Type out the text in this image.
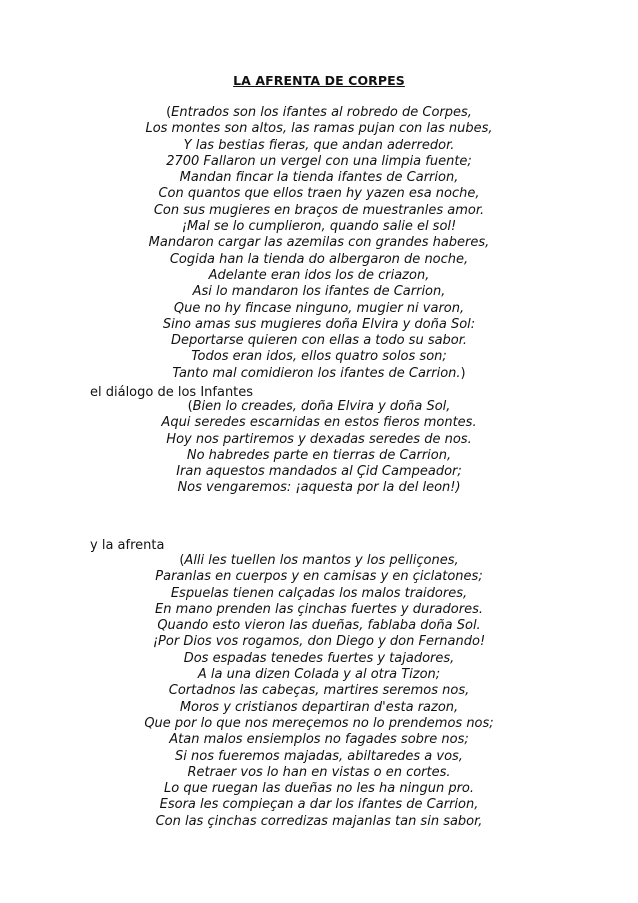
LA AFRENTA DE CORPES
(Entrados son los ifantes al robredo de Corpes,
Los montes son altos, las ramas pujan con las nubes,
Y las bestias fieras, que andan aderredor.
2700 Fallaron un vergel con una limpia fuente;
Mandan fincar la tienda ifantes de Carrion,
Con quantos que ellos traen hy yazen esa noche,
Con sus mugieres en braços de muestranles amor.
¡Mal se lo cumplieron, quando salie el sol!
Mandaron cargar las azemilas con grandes haberes,
Cogida han la tienda do albergaron de noche,
Adelante eran idos los de criazon,
Asi lo mandaron los ifantes de Carrion,
Que no hy fincase ninguno, mugier ni varon,
Sino amas sus mugieres doña Elvira y doña Sol:
Deportarse quieren con ellas a todo su sabor.
Todos eran idos, ellos quatro solos son;
Tanto mal comidieron los ifantes de Carrion.)
el diálogo de los Infantes
(Bien lo creades, doña Elvira y doña Sol,
Aqui seredes escarnidas en estos fieros montes.
Hoy nos partiremos y dexadas seredes de nos.
No habredes parte en tierras de Carrion,
Iran aquestos mandados al Çid Campeador;
Nos vengaremos: ¡aquesta por la del leon!)
y la afrenta
(Alli les tuellen los mantos y los pelliçones,
Paranlas en cuerpos y en camisas y en çiclatones;
Espuelas tienen calçadas los malos traidores,
En mano prenden las çinchas fuertes y duradores.
Quando esto vieron las dueñas, fablaba doña Sol.
¡Por Dios vos rogamos, don Diego y don Fernando!
Dos espadas tenedes fuertes y tajadores,
A la una dizen Colada y al otra Tizon;
Cortadnos las cabeças, martires seremos nos,
Moros y cristianos departiran d'esta razon,
Que por lo que nos mereçemos no lo prendemos nos;
Atan malos ensiemplos no fagades sobre nos;
Si nos fueremos majadas, abiltaredes a vos,
Retraer vos lo han en vistas o en cortes.
Lo que ruegan las dueñas no les ha ningun pro.
Esora les compieçan a dar los ifantes de Carrion,
Con las çinchas corredizas majanlas tan sin sabor,
